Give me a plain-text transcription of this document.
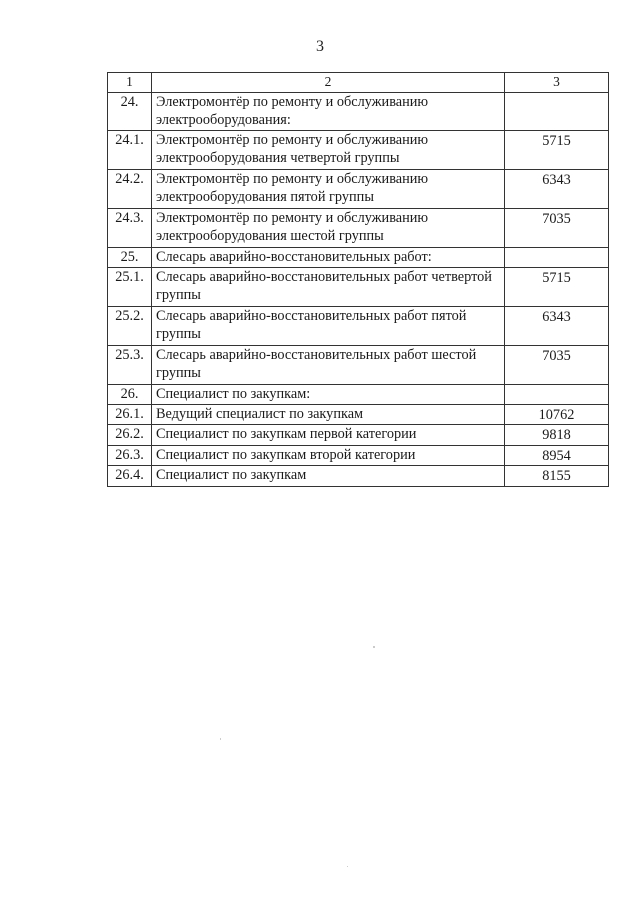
3
1	2	3
24.	Электромонтёр по ремонту и обслуживанию электрооборудования:	
24.1.	Электромонтёр по ремонту и обслуживанию электрооборудования четвертой группы	5715
24.2.	Электромонтёр по ремонту и обслуживанию электрооборудования пятой группы	6343
24.3.	Электромонтёр по ремонту и обслуживанию электрооборудования шестой группы	7035
25.	Слесарь аварийно-восстановительных работ:	
25.1.	Слесарь аварийно-восстановительных работ четвертой группы	5715
25.2.	Слесарь аварийно-восстановительных работ пятой группы	6343
25.3.	Слесарь аварийно-восстановительных работ шестой группы	7035
26.	Специалист по закупкам:	
26.1.	Ведущий специалист по закупкам	10762
26.2.	Специалист по закупкам первой категории	9818
26.3.	Специалист по закупкам второй категории	8954
26.4.	Специалист по закупкам	8155
